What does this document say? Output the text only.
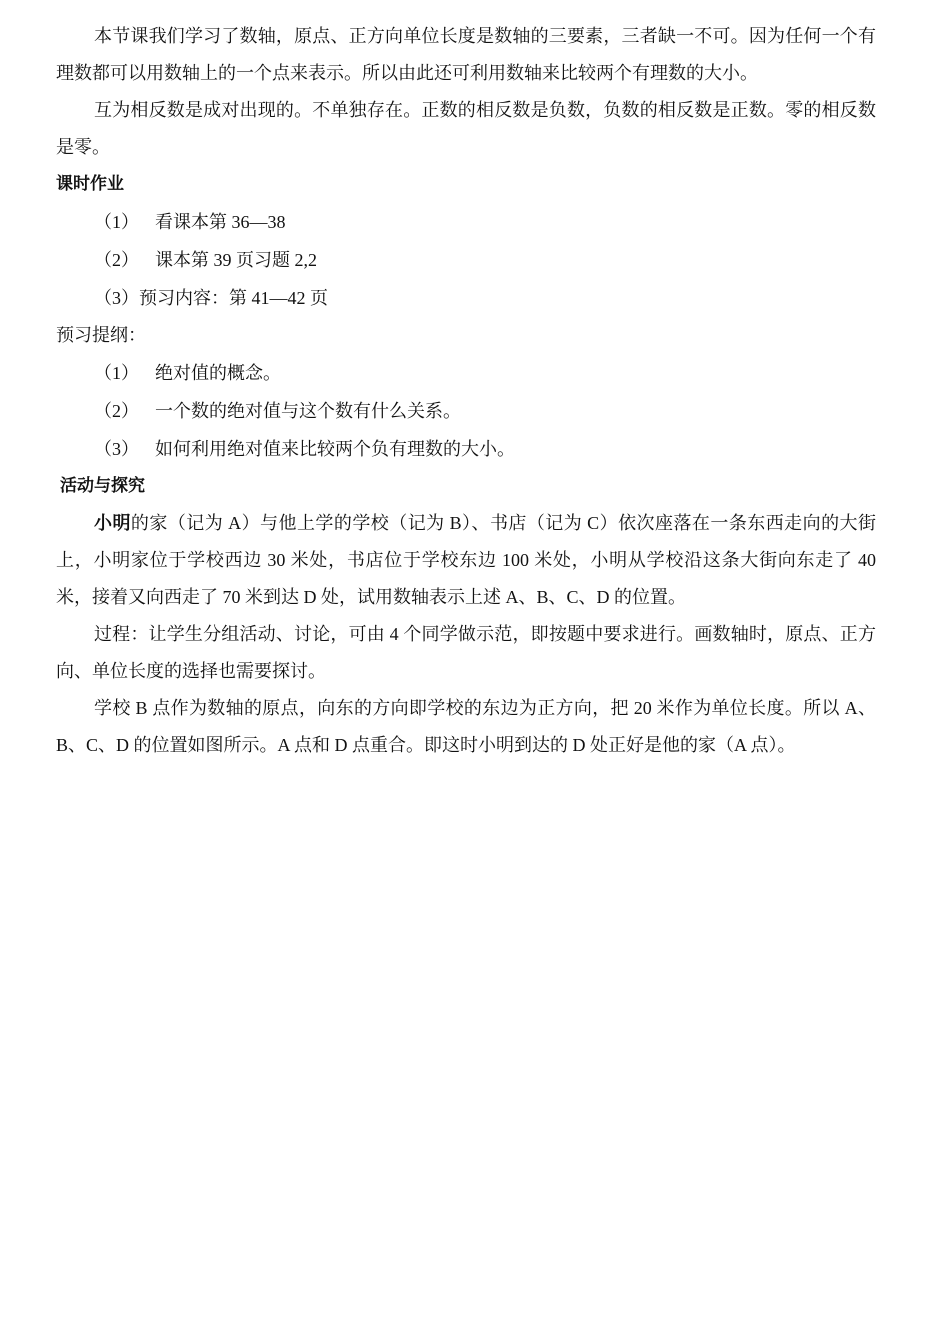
本节课我们学习了数轴，原点、正方向单位长度是数轴的三要素，三者缺一不可。因为任何一个有理数都可以用数轴上的一个点来表示。所以由此还可利用数轴来比较两个有理数的大小。

互为相反数是成对出现的。不单独存在。正数的相反数是负数，负数的相反数是正数。零的相反数是零。

课时作业

（1） 看课本第 36—38

（2） 课本第 39 页习题 2,2

（3）预习内容：第 41—42 页

预习提纲：

（1） 绝对值的概念。

（2） 一个数的绝对值与这个数有什么关系。

（3） 如何利用绝对值来比较两个负有理数的大小。

活动与探究

小明的家（记为 A）与他上学的学校（记为 B）、书店（记为 C）依次座落在一条东西走向的大街上，小明家位于学校西边 30 米处，书店位于学校东边 100 米处，小明从学校沿这条大街向东走了 40 米，接着又向西走了 70 米到达 D 处，试用数轴表示上述 A、B、C、D 的位置。

过程：让学生分组活动、讨论，可由 4 个同学做示范，即按题中要求进行。画数轴时，原点、正方向、单位长度的选择也需要探讨。

学校 B 点作为数轴的原点，向东的方向即学校的东边为正方向，把 20 米作为单位长度。所以 A、B、C、D 的位置如图所示。A 点和 D 点重合。即这时小明到达的 D 处正好是他的家（A 点）。
